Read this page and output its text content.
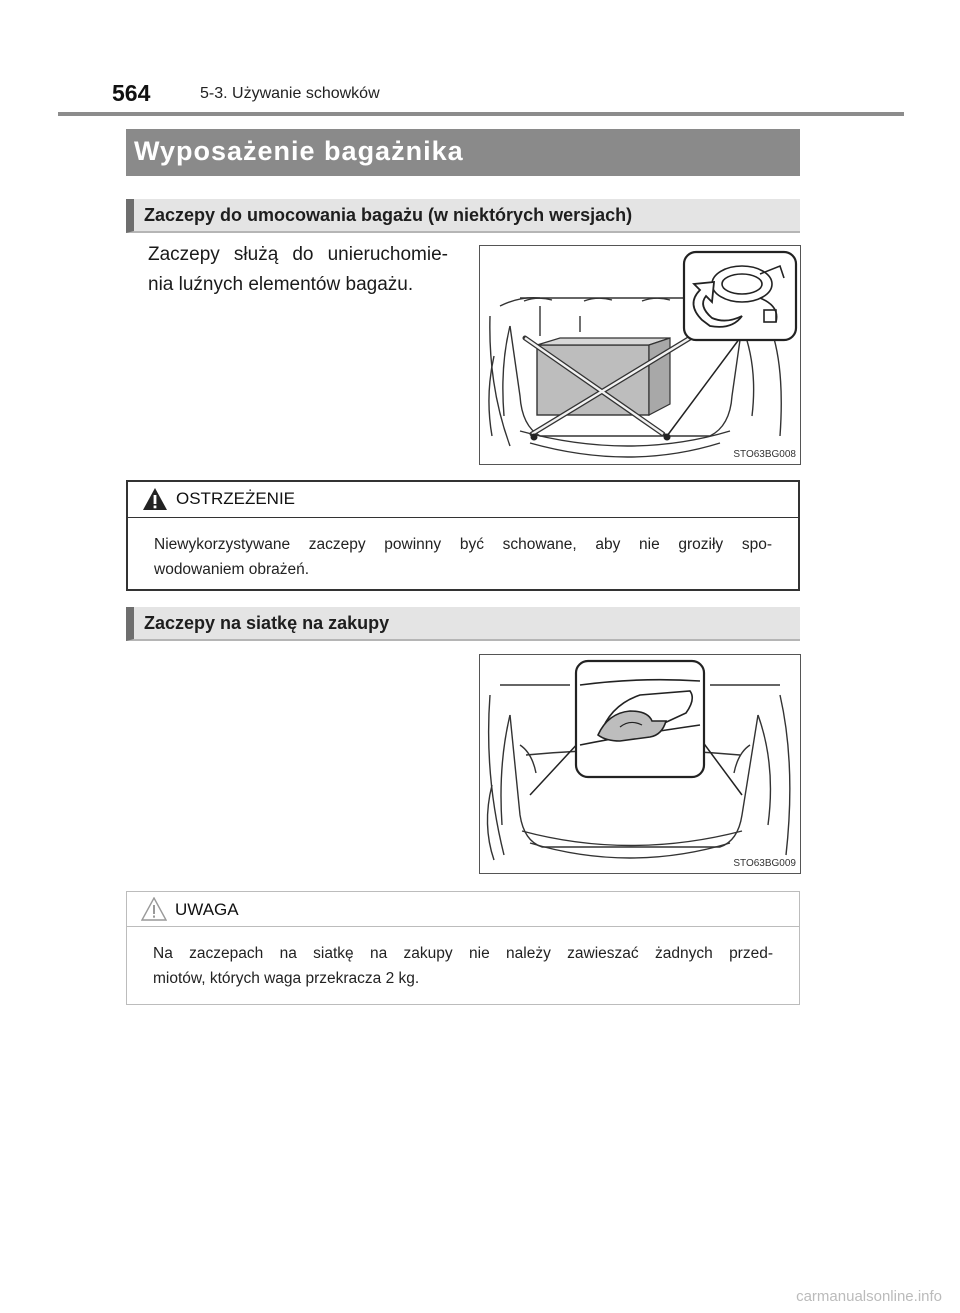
564	5-3. Używanie schowków
Wyposażenie bagażnika
Zaczepy do umocowania bagażu (w niektórych wersjach)
Zaczepy służą do unieruchomie-
nia luźnych elementów bagażu.
STO63BG008
OSTRZEŻENIE
Niewykorzystywane zaczepy powinny być schowane, aby nie groziły spo-
wodowaniem obrażeń.
Zaczepy na siatkę na zakupy
STO63BG009
UWAGA
Na zaczepach na siatkę na zakupy nie należy zawieszać żadnych przed-
miotów, których waga przekracza 2 kg.
carmanualsonline.info
